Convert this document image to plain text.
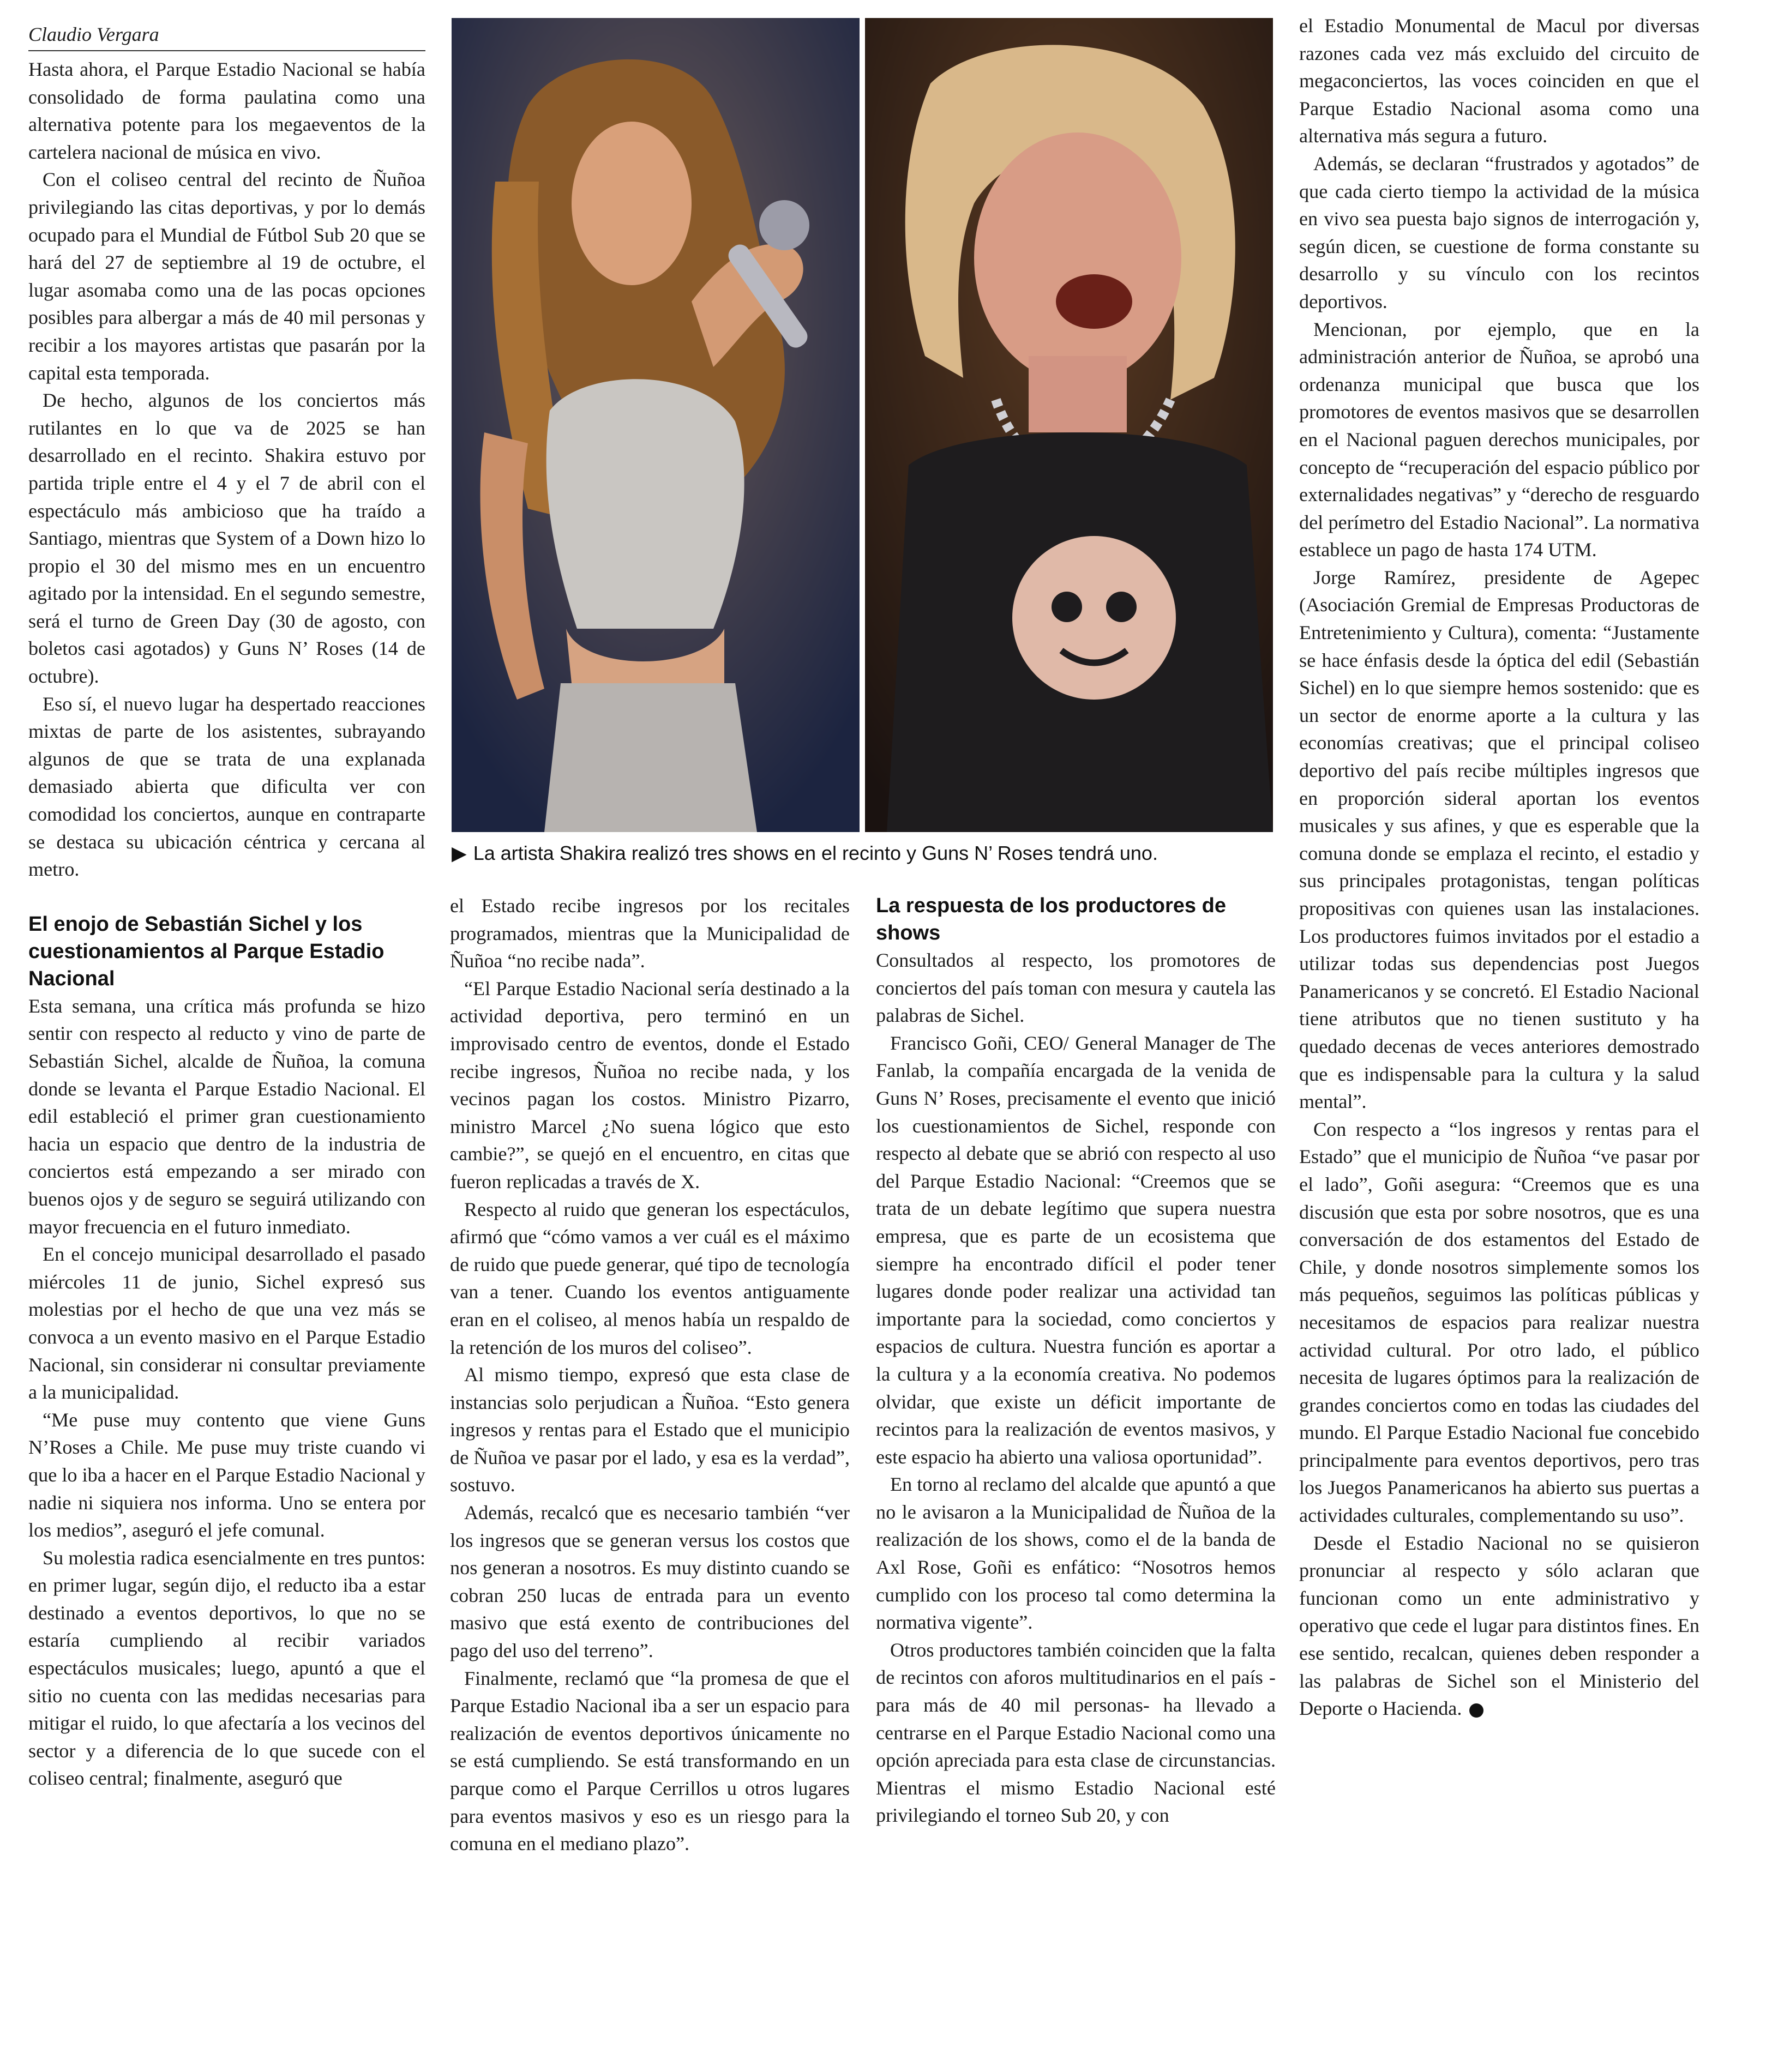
Claudio Vergara

Hasta ahora, el Parque Estadio Nacional se había consolidado de forma paulatina como una alternativa potente para los megaeventos de la cartelera nacional de música en vivo.

Con el coliseo central del recinto de Ñuñoa privilegiando las citas deportivas, y por lo demás ocupado para el Mundial de Fútbol Sub 20 que se hará del 27 de septiembre al 19 de octubre, el lugar asomaba como una de las pocas opciones posibles para albergar a más de 40 mil personas y recibir a los mayores artistas que pasarán por la capital esta temporada.

De hecho, algunos de los conciertos más rutilantes en lo que va de 2025 se han desarrollado en el recinto. Shakira estuvo por partida triple entre el 4 y el 7 de abril con el espectáculo más ambicioso que ha traído a Santiago, mientras que System of a Down hizo lo propio el 30 del mismo mes en un encuentro agitado por la intensidad. En el segundo semestre, será el turno de Green Day (30 de agosto, con boletos casi agotados) y Guns N’ Roses (14 de octubre).

Eso sí, el nuevo lugar ha despertado reacciones mixtas de parte de los asistentes, subrayando algunos de que se trata de una explanada demasiado abierta que dificulta ver con comodidad los conciertos, aunque en contraparte se destaca su ubicación céntrica y cercana al metro.

El enojo de Sebastián Sichel y los cuestionamientos al Parque Estadio Nacional

Esta semana, una crítica más profunda se hizo sentir con respecto al reducto y vino de parte de Sebastián Sichel, alcalde de Ñuñoa, la comuna donde se levanta el Parque Estadio Nacional. El edil estableció el primer gran cuestionamiento hacia un espacio que dentro de la industria de conciertos está empezando a ser mirado con buenos ojos y de seguro se seguirá utilizando con mayor frecuencia en el futuro inmediato.

En el concejo municipal desarrollado el pasado miércoles 11 de junio, Sichel expresó sus molestias por el hecho de que una vez más se convoca a un evento masivo en el Parque Estadio Nacional, sin considerar ni consultar previamente a la municipalidad.

“Me puse muy contento que viene Guns N’Roses a Chile. Me puse muy triste cuando vi que lo iba a hacer en el Parque Estadio Nacional y nadie ni siquiera nos informa. Uno se entera por los medios”, aseguró el jefe comunal.

Su molestia radica esencialmente en tres puntos: en primer lugar, según dijo, el reducto iba a estar destinado a eventos deportivos, lo que no se estaría cumpliendo al recibir variados espectáculos musicales; luego, apuntó a que el sitio no cuenta con las medidas necesarias para mitigar el ruido, lo que afectaría a los vecinos del sector y a diferencia de lo que sucede con el coliseo central; finalmente, aseguró que

▶ La artista Shakira realizó tres shows en el recinto y Guns N’ Roses tendrá uno.

el Estado recibe ingresos por los recitales programados, mientras que la Municipalidad de Ñuñoa “no recibe nada”.

“El Parque Estadio Nacional sería destinado a la actividad deportiva, pero terminó en un improvisado centro de eventos, donde el Estado recibe ingresos, Ñuñoa no recibe nada, y los vecinos pagan los costos. Ministro Pizarro, ministro Marcel ¿No suena lógico que esto cambie?”, se quejó en el encuentro, en citas que fueron replicadas a través de X.

Respecto al ruido que generan los espectáculos, afirmó que “cómo vamos a ver cuál es el máximo de ruido que puede generar, qué tipo de tecnología van a tener. Cuando los eventos antiguamente eran en el coliseo, al menos había un respaldo de la retención de los muros del coliseo”.

Al mismo tiempo, expresó que esta clase de instancias solo perjudican a Ñuñoa. “Esto genera ingresos y rentas para el Estado que el municipio de Ñuñoa ve pasar por el lado, y esa es la verdad”, sostuvo.

Además, recalcó que es necesario también “ver los ingresos que se generan versus los costos que nos generan a nosotros. Es muy distinto cuando se cobran 250 lucas de entrada para un evento masivo que está exento de contribuciones del pago del uso del terreno”.

Finalmente, reclamó que “la promesa de que el Parque Estadio Nacional iba a ser un espacio para realización de eventos deportivos únicamente no se está cumpliendo. Se está transformando en un parque como el Parque Cerrillos u otros lugares para eventos masivos y eso es un riesgo para la comuna en el mediano plazo”.

La respuesta de los productores de shows

Consultados al respecto, los promotores de conciertos del país toman con mesura y cautela las palabras de Sichel.

Francisco Goñi, CEO/ General Manager de The Fanlab, la compañía encargada de la venida de Guns N’ Roses, precisamente el evento que inició los cuestionamientos de Sichel, responde con respecto al debate que se abrió con respecto al uso del Parque Estadio Nacional: “Creemos que se trata de un debate legítimo que supera nuestra empresa, que es parte de un ecosistema que siempre ha encontrado difícil el poder tener lugares donde poder realizar una actividad tan importante para la sociedad, como conciertos y espacios de cultura. Nuestra función es aportar a la cultura y a la economía creativa. No podemos olvidar, que existe un déficit importante de recintos para la realización de eventos masivos, y este espacio ha abierto una valiosa oportunidad”.

En torno al reclamo del alcalde que apuntó a que no le avisaron a la Municipalidad de Ñuñoa de la realización de los shows, como el de la banda de Axl Rose, Goñi es enfático: “Nosotros hemos cumplido con los proceso tal como determina la normativa vigente”.

Otros productores también coinciden que la falta de recintos con aforos multitudinarios en el país -para más de 40 mil personas- ha llevado a centrarse en el Parque Estadio Nacional como una opción apreciada para esta clase de circunstancias. Mientras el mismo Estadio Nacional esté privilegiando el torneo Sub 20, y con

el Estadio Monumental de Macul por diversas razones cada vez más excluido del circuito de megaconciertos, las voces coinciden en que el Parque Estadio Nacional asoma como una alternativa más segura a futuro.

Además, se declaran “frustrados y agotados” de que cada cierto tiempo la actividad de la música en vivo sea puesta bajo signos de interrogación y, según dicen, se cuestione de forma constante su desarrollo y su vínculo con los recintos deportivos.

Mencionan, por ejemplo, que en la administración anterior de Ñuñoa, se aprobó una ordenanza municipal que busca que los promotores de eventos masivos que se desarrollen en el Nacional paguen derechos municipales, por concepto de “recuperación del espacio público por externalidades negativas” y “derecho de resguardo del perímetro del Estadio Nacional”. La normativa establece un pago de hasta 174 UTM.

Jorge Ramírez, presidente de Agepec (Asociación Gremial de Empresas Productoras de Entretenimiento y Cultura), comenta: “Justamente se hace énfasis desde la óptica del edil (Sebastián Sichel) en lo que siempre hemos sostenido: que es un sector de enorme aporte a la cultura y las economías creativas; que el principal coliseo deportivo del país recibe múltiples ingresos que en proporción sideral aportan los eventos musicales y sus afines, y que es esperable que la comuna donde se emplaza el recinto, el estadio y sus principales protagonistas, tengan políticas propositivas con quienes usan las instalaciones. Los productores fuimos invitados por el estadio a utilizar todas sus dependencias post Juegos Panamericanos y se concretó. El Estadio Nacional tiene atributos que no tienen sustituto y ha quedado decenas de veces anteriores demostrado que es indispensable para la cultura y la salud mental”.

Con respecto a “los ingresos y rentas para el Estado” que el municipio de Ñuñoa “ve pasar por el lado”, Goñi asegura: “Creemos que es una discusión que esta por sobre nosotros, que es una conversación de dos estamentos del Estado de Chile, y donde nosotros simplemente somos los más pequeños, seguimos las políticas públicas y necesitamos de espacios para realizar nuestra actividad cultural. Por otro lado, el público necesita de lugares óptimos para la realización de grandes conciertos como en todas las ciudades del mundo. El Parque Estadio Nacional fue concebido principalmente para eventos deportivos, pero tras los Juegos Panamericanos ha abierto sus puertas a actividades culturales, complementando su uso”.

Desde el Estadio Nacional no se quisieron pronunciar al respecto y sólo aclaran que funcionan como un ente administrativo y operativo que cede el lugar para distintos fines. En ese sentido, recalcan, quienes deben responder a las palabras de Sichel son el Ministerio del Deporte o Hacienda.
